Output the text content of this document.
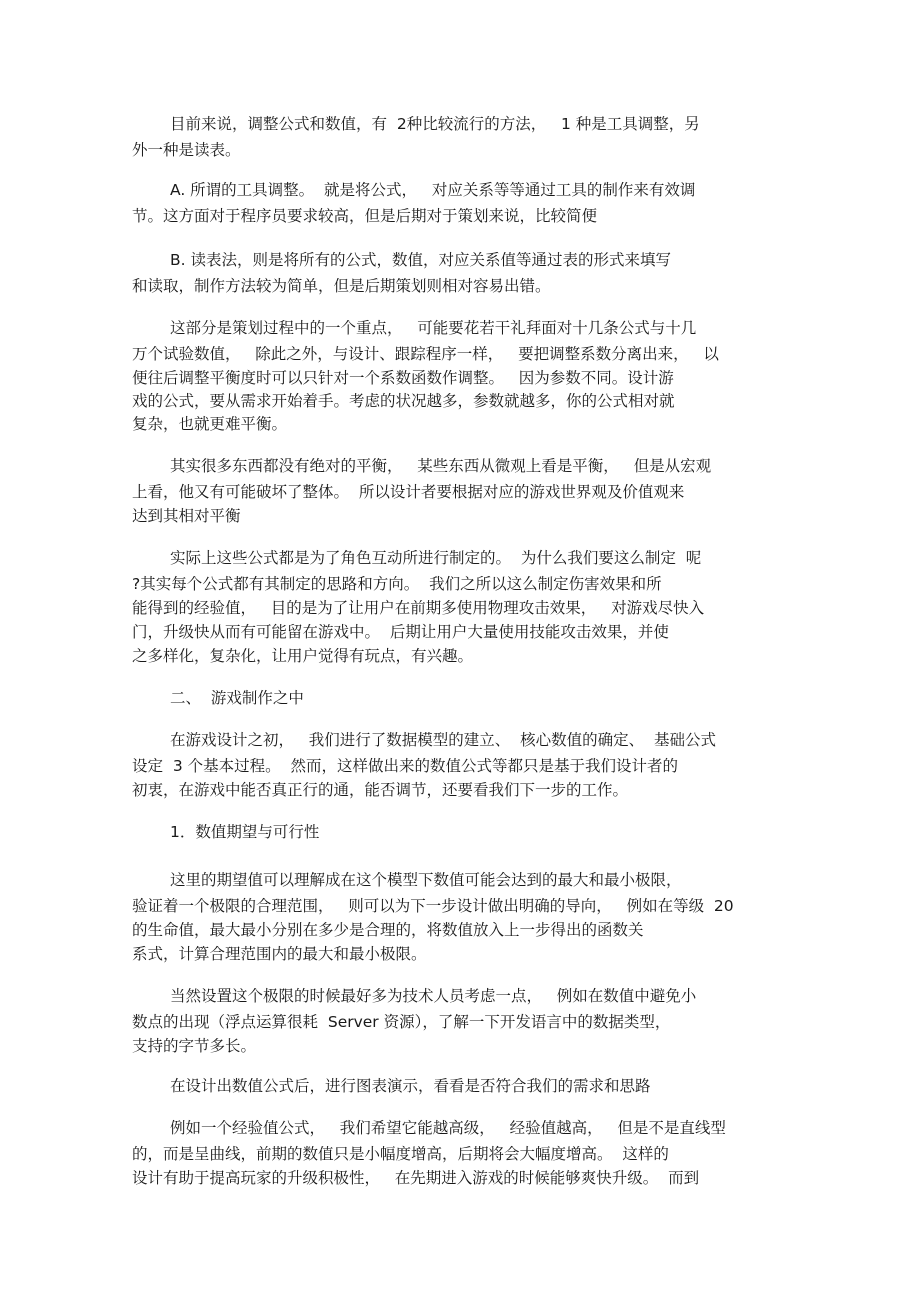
目前来说，调整公式和数值，有  2种比较流行的方法，   1 种是工具调整，另
外一种是读表。
A. 所谓的工具调整。  就是将公式，   对应关系等等通过工具的制作来有效调
节。这方面对于程序员要求较高，但是后期对于策划来说，比较简便
B. 读表法，则是将所有的公式，数值，对应关系值等通过表的形式来填写
和读取，制作方法较为简单，但是后期策划则相对容易出错。
这部分是策划过程中的一个重点，   可能要花若干礼拜面对十几条公式与十几
万个试验数值，   除此之外，与设计、跟踪程序一样，   要把调整系数分离出来，   以
便往后调整平衡度时可以只针对一个系数函数作调整。   因为参数不同。设计游
戏的公式，要从需求开始着手。考虑的状况越多，参数就越多，你的公式相对就
复杂，也就更难平衡。
其实很多东西都没有绝对的平衡，   某些东西从微观上看是平衡，   但是从宏观
上看，他又有可能破坏了整体。  所以设计者要根据对应的游戏世界观及价值观来
达到其相对平衡
实际上这些公式都是为了角色互动所进行制定的。  为什么我们要这么制定  呢
?其实每个公式都有其制定的思路和方向。  我们之所以这么制定伤害效果和所
能得到的经验值，   目的是为了让用户在前期多使用物理攻击效果，   对游戏尽快入
门，升级快从而有可能留在游戏中。  后期让用户大量使用技能攻击效果，并使
之多样化，复杂化，让用户觉得有玩点，有兴趣。
二、  游戏制作之中
在游戏设计之初，   我们进行了数据模型的建立、  核心数值的确定、  基础公式
设定  3 个基本过程。  然而，这样做出来的数值公式等都只是基于我们设计者的
初衷，在游戏中能否真正行的通，能否调节，还要看我们下一步的工作。
1．数值期望与可行性
这里的期望值可以理解成在这个模型下数值可能会达到的最大和最小极限，
验证着一个极限的合理范围，   则可以为下一步设计做出明确的导向，   例如在等级  20
的生命值，最大最小分别在多少是合理的，将数值放入上一步得出的函数关
系式，计算合理范围内的最大和最小极限。
当然设置这个极限的时候最好多为技术人员考虑一点，   例如在数值中避免小
数点的出现（浮点运算很耗  Server 资源），了解一下开发语言中的数据类型，
支持的字节多长。
在设计出数值公式后，进行图表演示，看看是否符合我们的需求和思路
例如一个经验值公式，   我们希望它能越高级，   经验值越高，   但是不是直线型
的，而是呈曲线，前期的数值只是小幅度增高，后期将会大幅度增高。  这样的
设计有助于提高玩家的升级积极性，   在先期进入游戏的时候能够爽快升级。  而到
